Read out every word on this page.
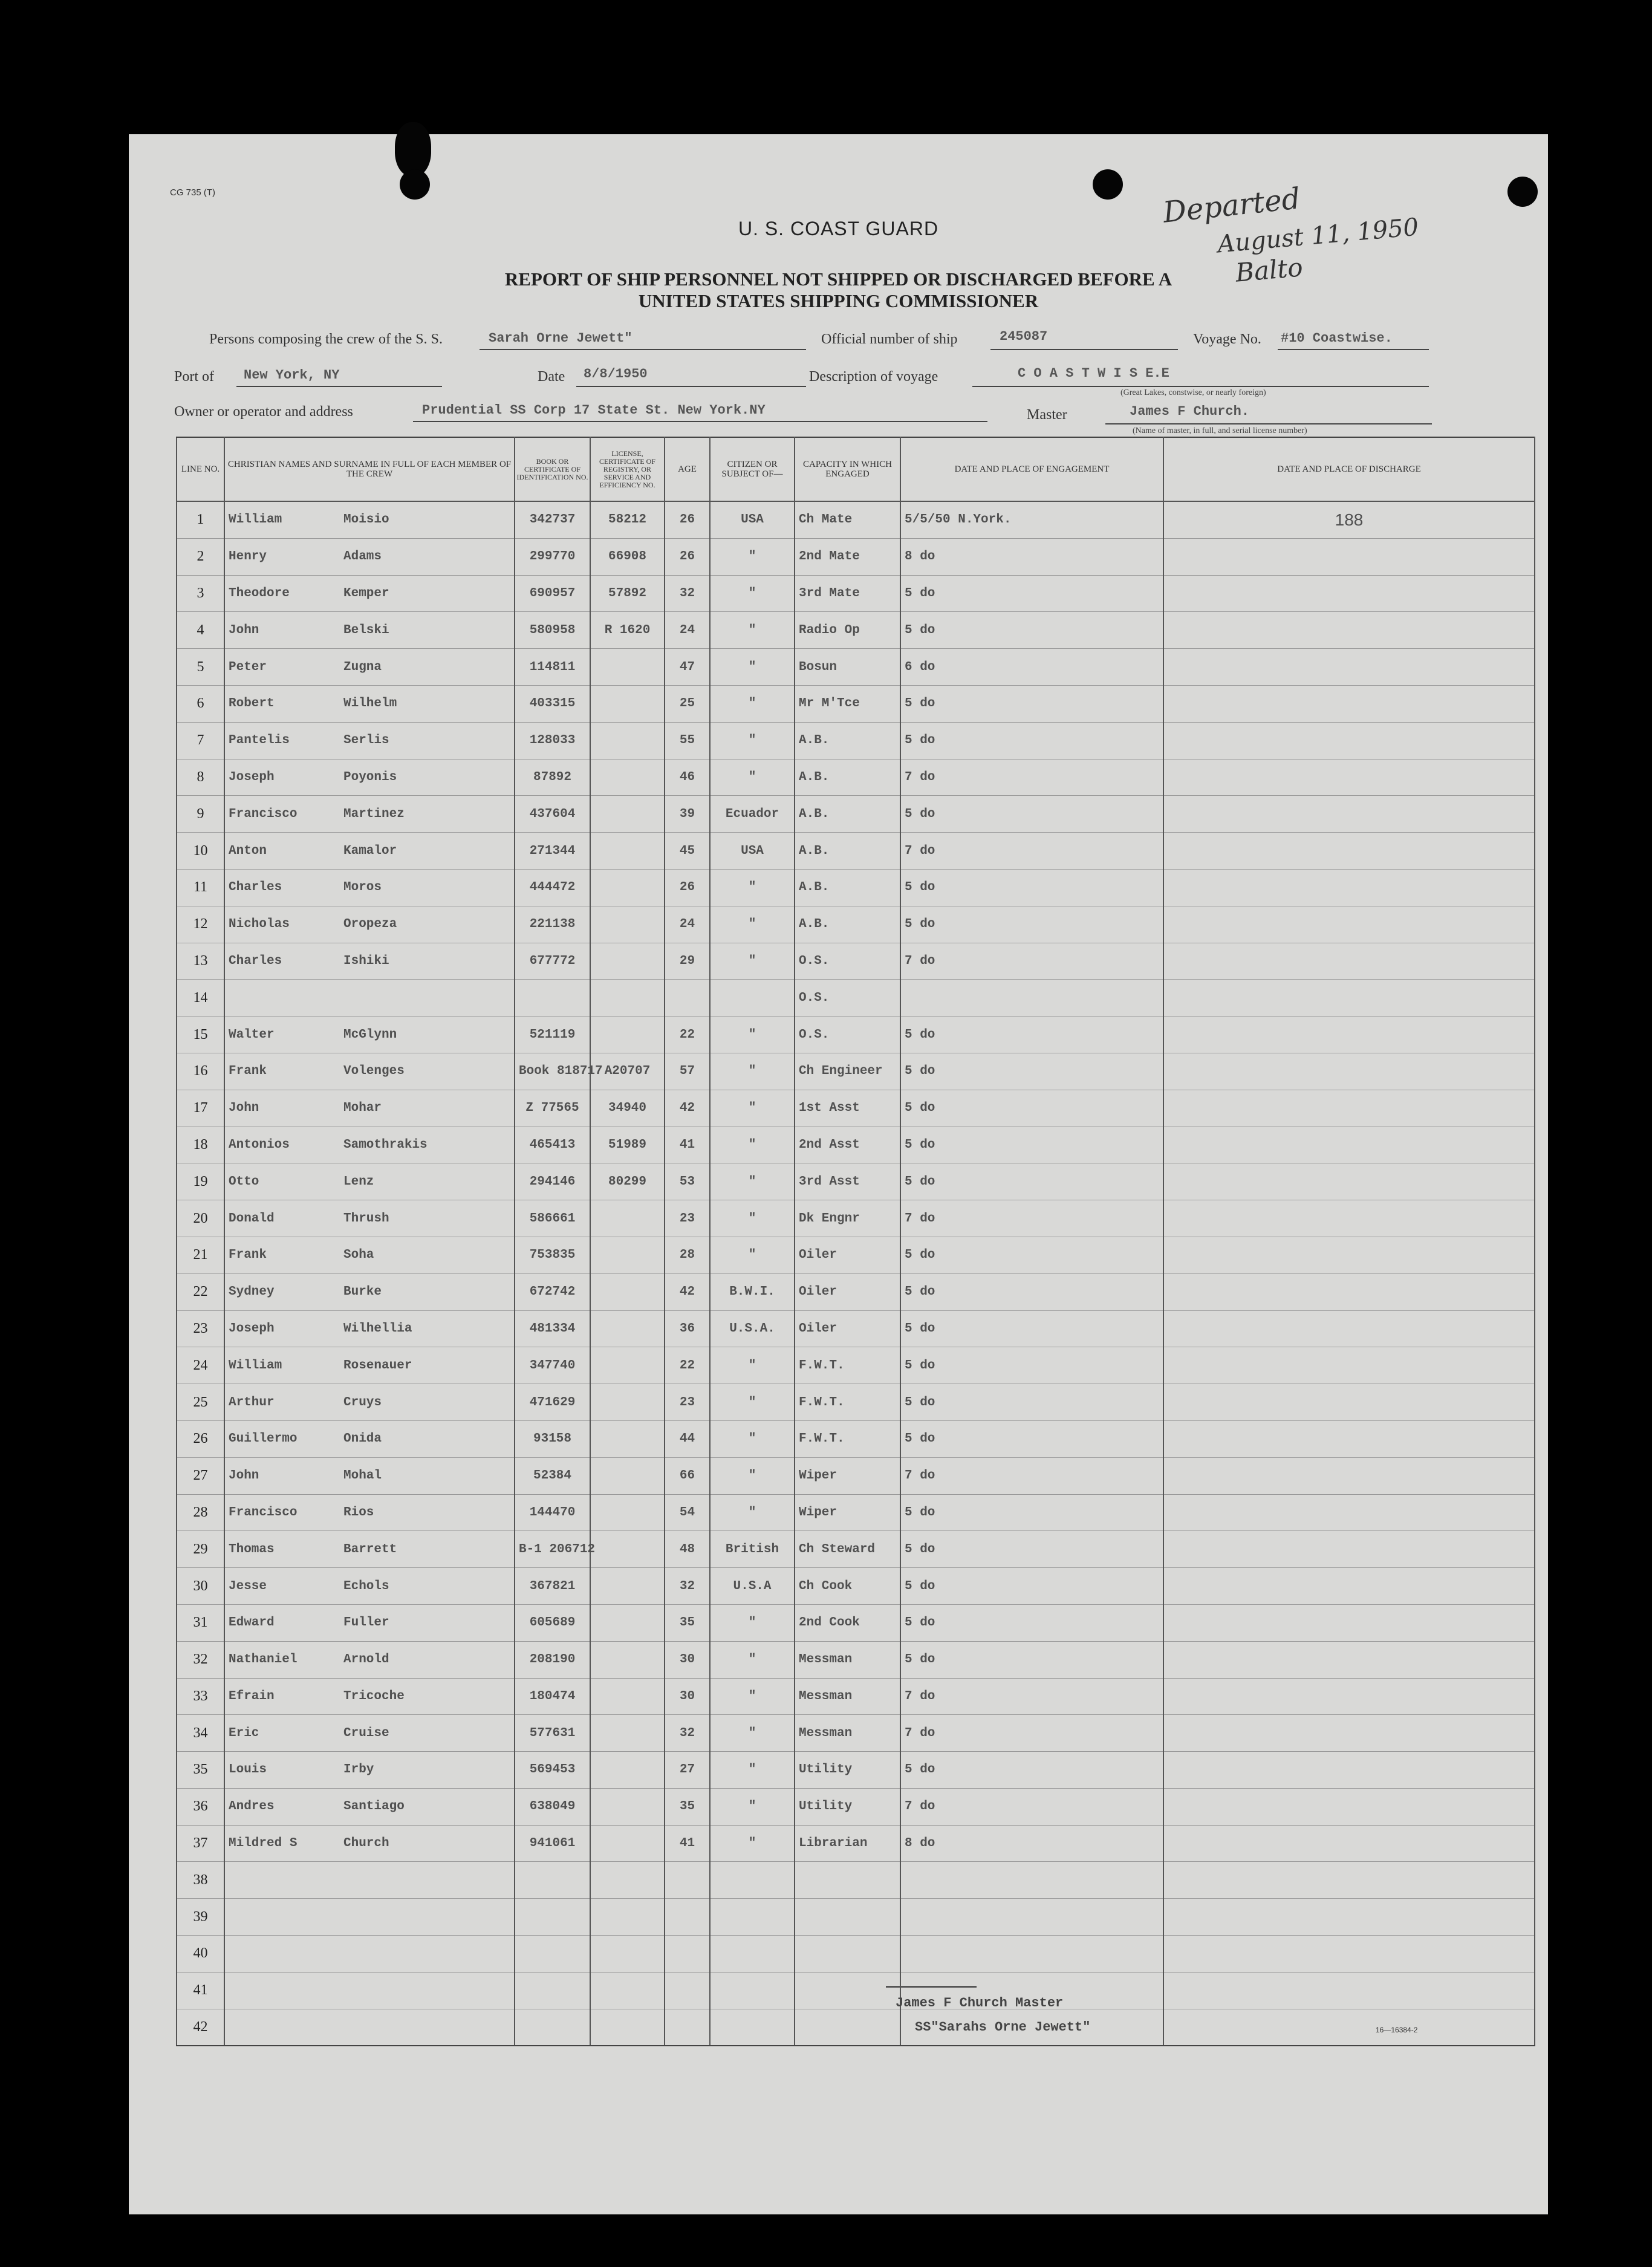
CG 735 (T)	Departed
August 11, 1950
Balto
U. S. COAST GUARD
REPORT OF SHIP PERSONNEL NOT SHIPPED OR DISCHARGED BEFORE A
UNITED STATES SHIPPING COMMISSIONER
Persons composing the crew of the S. S.	Sarah Orne Jewett"	Official number of ship	245087	Voyage No. #10 Coastwise.
Port of New York, NY	Date 8/8/1950	Description of voyage	C O A S T W I S E.E
(Great Lakes, constwise, or nearly foreign)
Owner or operator and address	Prudential SS Corp 17 State St. New York.NY	Master	James F Church.
(Name of master, in full, and serial license number)
LINE NO.	CHRISTIAN NAMES AND SURNAME IN FULL OF EACH MEMBER OF THE CREW	BOOK OR CERTIFICATE OF IDENTIFICATION NO.	LICENSE, CERTIFICATE OF REGISTRY, OR SERVICE AND EFFICIENCY NO.	AGE	CITIZEN OR SUBJECT OF—	CAPACITY IN WHICH ENGAGED	DATE AND PLACE OF ENGAGEMENT	DATE AND PLACE OF DISCHARGE
1	William Moisio	342737	58212	26	USA	Ch Mate	5/5/50 N.York.	188
2	Henry Adams	299770	66908	26	"	2nd Mate	8 do	
3	Theodore Kemper	690957	57892	32	"	3rd Mate	5 do	
4	John Belski	580958	R 1620	24	"	Radio Op	5 do	
5	Peter Zugna	114811		47	"	Bosun	6 do	
6	Robert Wilhelm	403315		25	"	Mr M'Tce	5 do	
7	Pantelis Serlis	128033		55	"	A.B.	5 do	
8	Joseph Poyonis	87892		46	"	A.B.	7 do	
9	Francisco Martinez	437604		39	Ecuador	A.B.	5 do	
10	Anton Kamalor	271344		45	USA	A.B.	7 do	
11	Charles Moros	444472		26	"	A.B.	5 do	
12	Nicholas Oropeza	221138		24	"	A.B.	5 do	
13	Charles Ishiki	677772		29	"	O.S.	7 do	
14						O.S.		
15	Walter McGlynn	521119		22	"	O.S.	5 do	
16	Frank Volenges	Book 818717	A20707	57	"	Ch Engineer	5 do	
17	John Mohar	Z 77565	34940	42	"	1st Asst	5 do	
18	Antonios Samothrakis	465413	51989	41	"	2nd Asst	5 do	
19	Otto Lenz	294146	80299	53	"	3rd Asst	5 do	
20	Donald Thrush	586661		23	"	Dk Engnr	7 do	
21	Frank Soha	753835		28	"	Oiler	5 do	
22	Sydney Burke	672742		42	B.W.I.	Oiler	5 do	
23	Joseph Wilhellia	481334		36	U.S.A.	Oiler	5 do	
24	William Rosenauer	347740		22	"	F.W.T.	5 do	
25	Arthur Cruys	471629		23	"	F.W.T.	5 do	
26	Guillermo Onida	93158		44	"	F.W.T.	5 do	
27	John Mohal	52384		66	"	Wiper	7 do	
28	Francisco Rios	144470		54	"	Wiper	5 do	
29	Thomas Barrett	B-1 206712		48	British	Ch Steward	5 do	
30	Jesse Echols	367821		32	U.S.A	Ch Cook	5 do	
31	Edward Fuller	605689		35	"	2nd Cook	5 do	
32	Nathaniel Arnold	208190		30	"	Messman	5 do	
33	Efrain Tricoche	180474		30	"	Messman	7 do	
34	Eric Cruise	577631		32	"	Messman	7 do	
35	Louis Irby	569453		27	"	Utility	5 do	
36	Andres Santiago	638049		35	"	Utility	7 do	
37	Mildred S Church	941061		41	"	Librarian	8 do	
38								
39								
40								
41								
42								
James F Church Master
SS"Sarahs Orne Jewett"	16—16384-2
